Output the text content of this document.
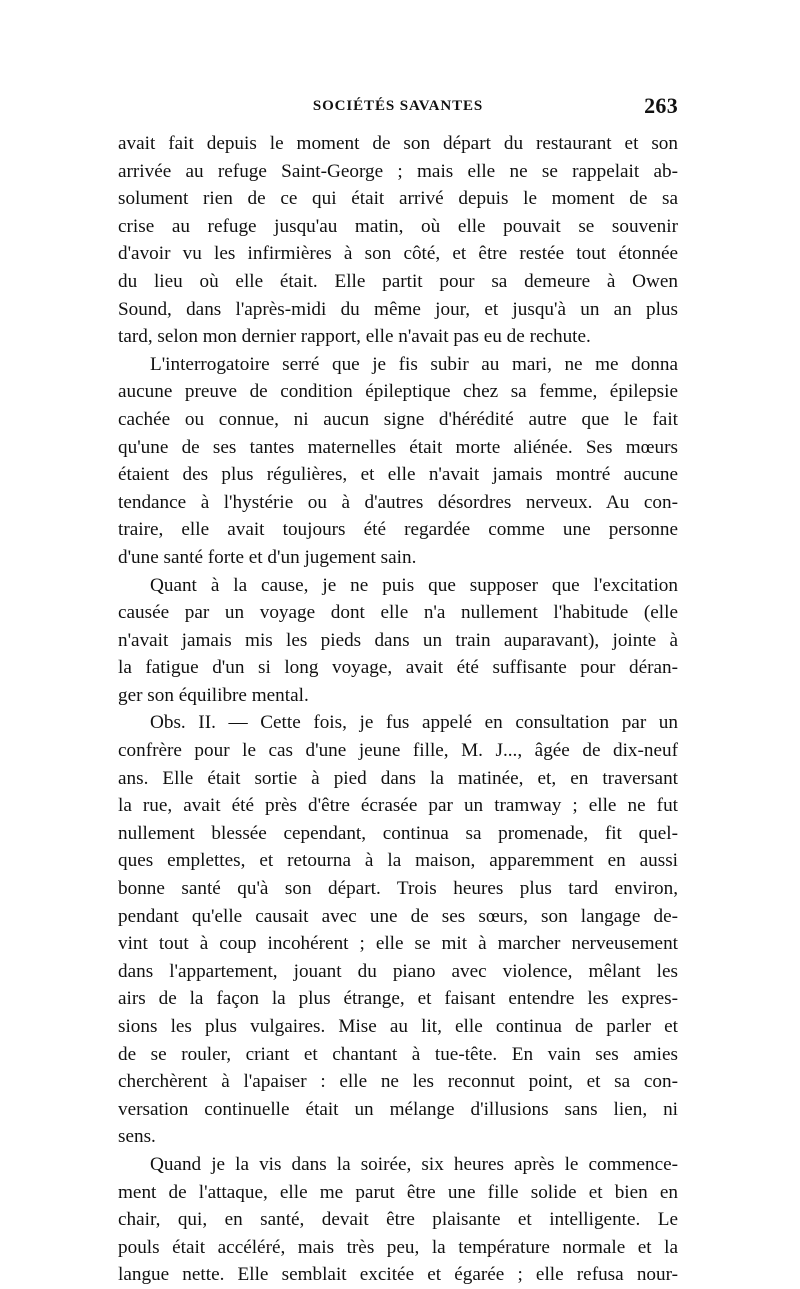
SOCIÉTÉS SAVANTES	263
avait fait depuis le moment de son départ du restaurant et son
arrivée au refuge Saint-George ; mais elle ne se rappelait ab-
solument rien de ce qui était arrivé depuis le moment de sa
crise au refuge jusqu'au matin, où elle pouvait se souvenir
d'avoir vu les infirmières à son côté, et être restée tout étonnée
du lieu où elle était. Elle partit pour sa demeure à Owen
Sound, dans l'après-midi du même jour, et jusqu'à un an plus
tard, selon mon dernier rapport, elle n'avait pas eu de rechute.
L'interrogatoire serré que je fis subir au mari, ne me donna
aucune preuve de condition épileptique chez sa femme, épilepsie
cachée ou connue, ni aucun signe d'hérédité autre que le fait
qu'une de ses tantes maternelles était morte aliénée. Ses mœurs
étaient des plus régulières, et elle n'avait jamais montré aucune
tendance à l'hystérie ou à d'autres désordres nerveux. Au con-
traire, elle avait toujours été regardée comme une personne
d'une santé forte et d'un jugement sain.
Quant à la cause, je ne puis que supposer que l'excitation
causée par un voyage dont elle n'a nullement l'habitude (elle
n'avait jamais mis les pieds dans un train auparavant), jointe à
la fatigue d'un si long voyage, avait été suffisante pour déran-
ger son équilibre mental.
Obs. II. — Cette fois, je fus appelé en consultation par un
confrère pour le cas d'une jeune fille, M. J..., âgée de dix-neuf
ans. Elle était sortie à pied dans la matinée, et, en traversant
la rue, avait été près d'être écrasée par un tramway ; elle ne fut
nullement blessée cependant, continua sa promenade, fit quel-
ques emplettes, et retourna à la maison, apparemment en aussi
bonne santé qu'à son départ. Trois heures plus tard environ,
pendant qu'elle causait avec une de ses sœurs, son langage de-
vint tout à coup incohérent ; elle se mit à marcher nerveusement
dans l'appartement, jouant du piano avec violence, mêlant les
airs de la façon la plus étrange, et faisant entendre les expres-
sions les plus vulgaires. Mise au lit, elle continua de parler et
de se rouler, criant et chantant à tue-tête. En vain ses amies
cherchèrent à l'apaiser : elle ne les reconnut point, et sa con-
versation continuelle était un mélange d'illusions sans lien, ni
sens.
Quand je la vis dans la soirée, six heures après le commence-
ment de l'attaque, elle me parut être une fille solide et bien en
chair, qui, en santé, devait être plaisante et intelligente. Le
pouls était accéléré, mais très peu, la température normale et la
langue nette. Elle semblait excitée et égarée ; elle refusa nour-
